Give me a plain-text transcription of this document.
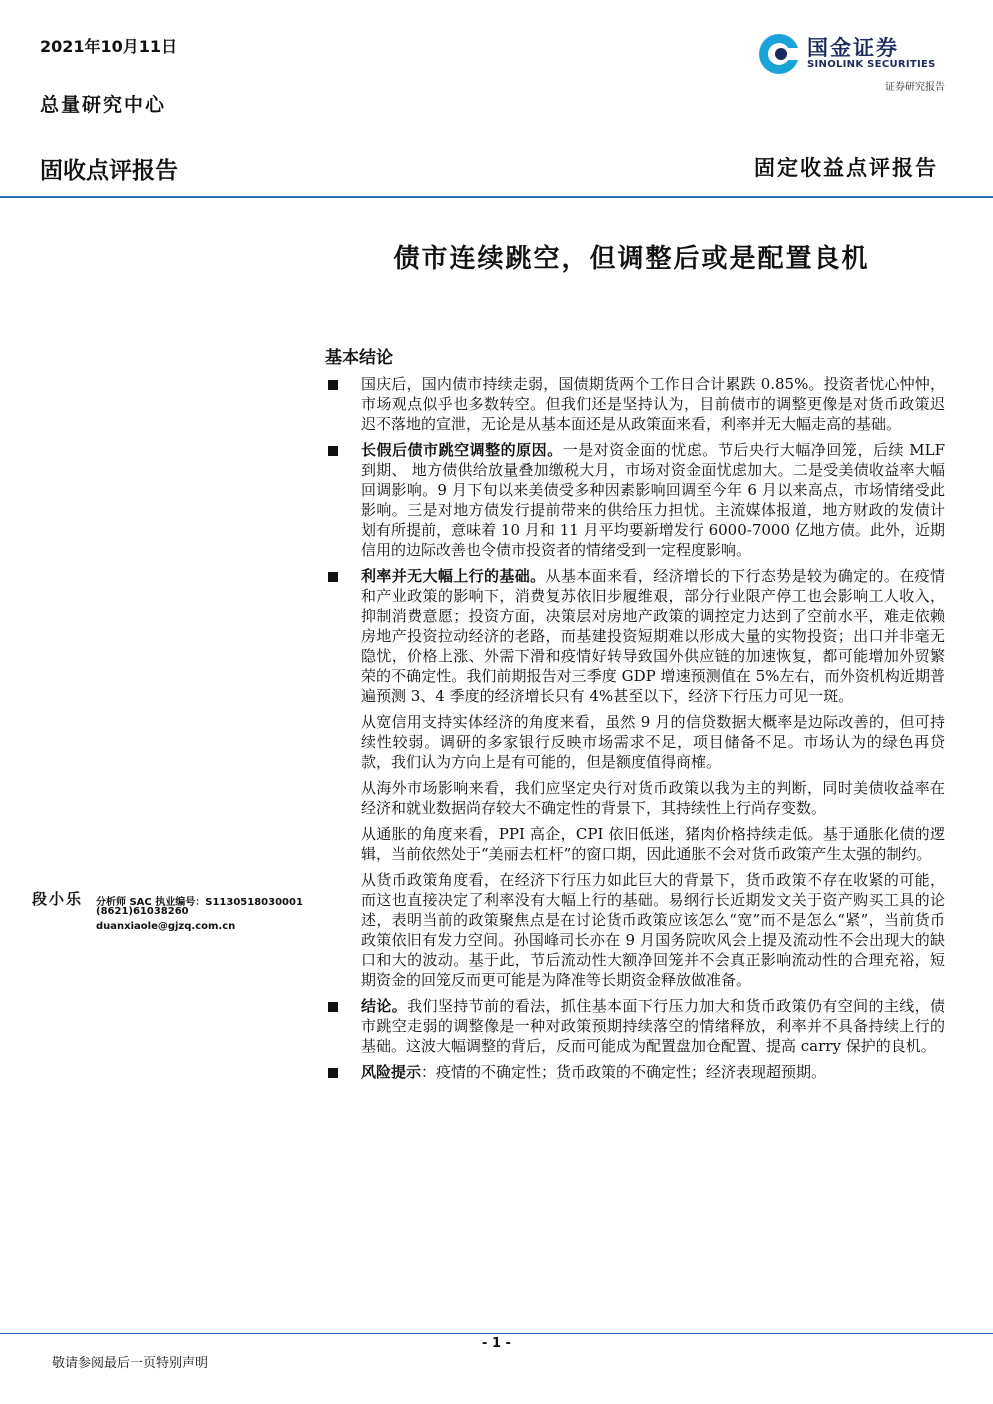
2021年10月11日
总量研究中心
国金证券
SINOLINK SECURITIES
证券研究报告
固收点评报告	固定收益点评报告
债市连续跳空，但调整后或是配置良机
基本结论

国庆后，国内债市持续走弱，国债期货两个工作日合计累跌 0.85%。投资者忧心忡忡，市场观点似乎也多数转空。但我们还是坚持认为，目前债市的调整更像是对货币政策迟迟不落地的宣泄，无论是从基本面还是从政策面来看，利率并无大幅走高的基础。

长假后债市跳空调整的原因。一是对资金面的忧虑。节后央行大幅净回笼，后续 MLF 到期、 地方债供给放量叠加缴税大月，市场对资金面忧虑加大。二是受美债收益率大幅回调影响。9 月下旬以来美债受多种因素影响回调至今年 6 月以来高点，市场情绪受此影响。三是对地方债发行提前带来的供给压力担忧。主流媒体报道，地方财政的发债计划有所提前，意味着 10 月和 11 月平均要新增发行 6000-7000 亿地方债。此外，近期信用的边际改善也令债市投资者的情绪受到一定程度影响。

利率并无大幅上行的基础。从基本面来看，经济增长的下行态势是较为确定的。在疫情和产业政策的影响下，消费复苏依旧步履维艰，部分行业限产停工也会影响工人收入，抑制消费意愿；投资方面，决策层对房地产政策的调控定力达到了空前水平，难走依赖房地产投资拉动经济的老路，而基建投资短期难以形成大量的实物投资；出口并非毫无隐忧，价格上涨、外需下滑和疫情好转导致国外供应链的加速恢复，都可能增加外贸繁荣的不确定性。我们前期报告对三季度 GDP 增速预测值在 5%左右，而外资机构近期普遍预测 3、4 季度的经济增长只有 4%甚至以下，经济下行压力可见一斑。

从宽信用支持实体经济的角度来看，虽然 9 月的信贷数据大概率是边际改善的，但可持续性较弱。调研的多家银行反映市场需求不足，项目储备不足。市场认为的绿色再贷款，我们认为方向上是有可能的，但是额度值得商榷。

从海外市场影响来看，我们应坚定央行对货币政策以我为主的判断，同时美债收益率在经济和就业数据尚存较大不确定性的背景下，其持续性上行尚存变数。

从通胀的角度来看，PPI 高企，CPI 依旧低迷，猪肉价格持续走低。基于通胀化债的逻辑，当前依然处于“美丽去杠杆”的窗口期，因此通胀不会对货币政策产生太强的制约。

从货币政策角度看，在经济下行压力如此巨大的背景下，货币政策不存在收紧的可能，而这也直接决定了利率没有大幅上行的基础。易纲行长近期发文关于资产购买工具的论述，表明当前的政策聚焦点是在讨论货币政策应该怎么“宽”而不是怎么“紧”，当前货币政策依旧有发力空间。孙国峰司长亦在 9 月国务院吹风会上提及流动性不会出现大的缺口和大的波动。基于此，节后流动性大额净回笼并不会真正影响流动性的合理充裕，短期资金的回笼反而更可能是为降准等长期资金释放做准备。

结论。我们坚持节前的看法，抓住基本面下行压力加大和货币政策仍有空间的主线，债市跳空走弱的调整像是一种对政策预期持续落空的情绪释放，利率并不具备持续上行的基础。这波大幅调整的背后，反而可能成为配置盘加仓配置、提高 carry 保护的良机。

风险提示：疫情的不确定性；货币政策的不确定性；经济表现超预期。

段小乐 分析师 SAC 执业编号：S1130518030001
(8621)61038260
duanxiaole@gjzq.com.cn
- 1 -
敬请参阅最后一页特别声明
